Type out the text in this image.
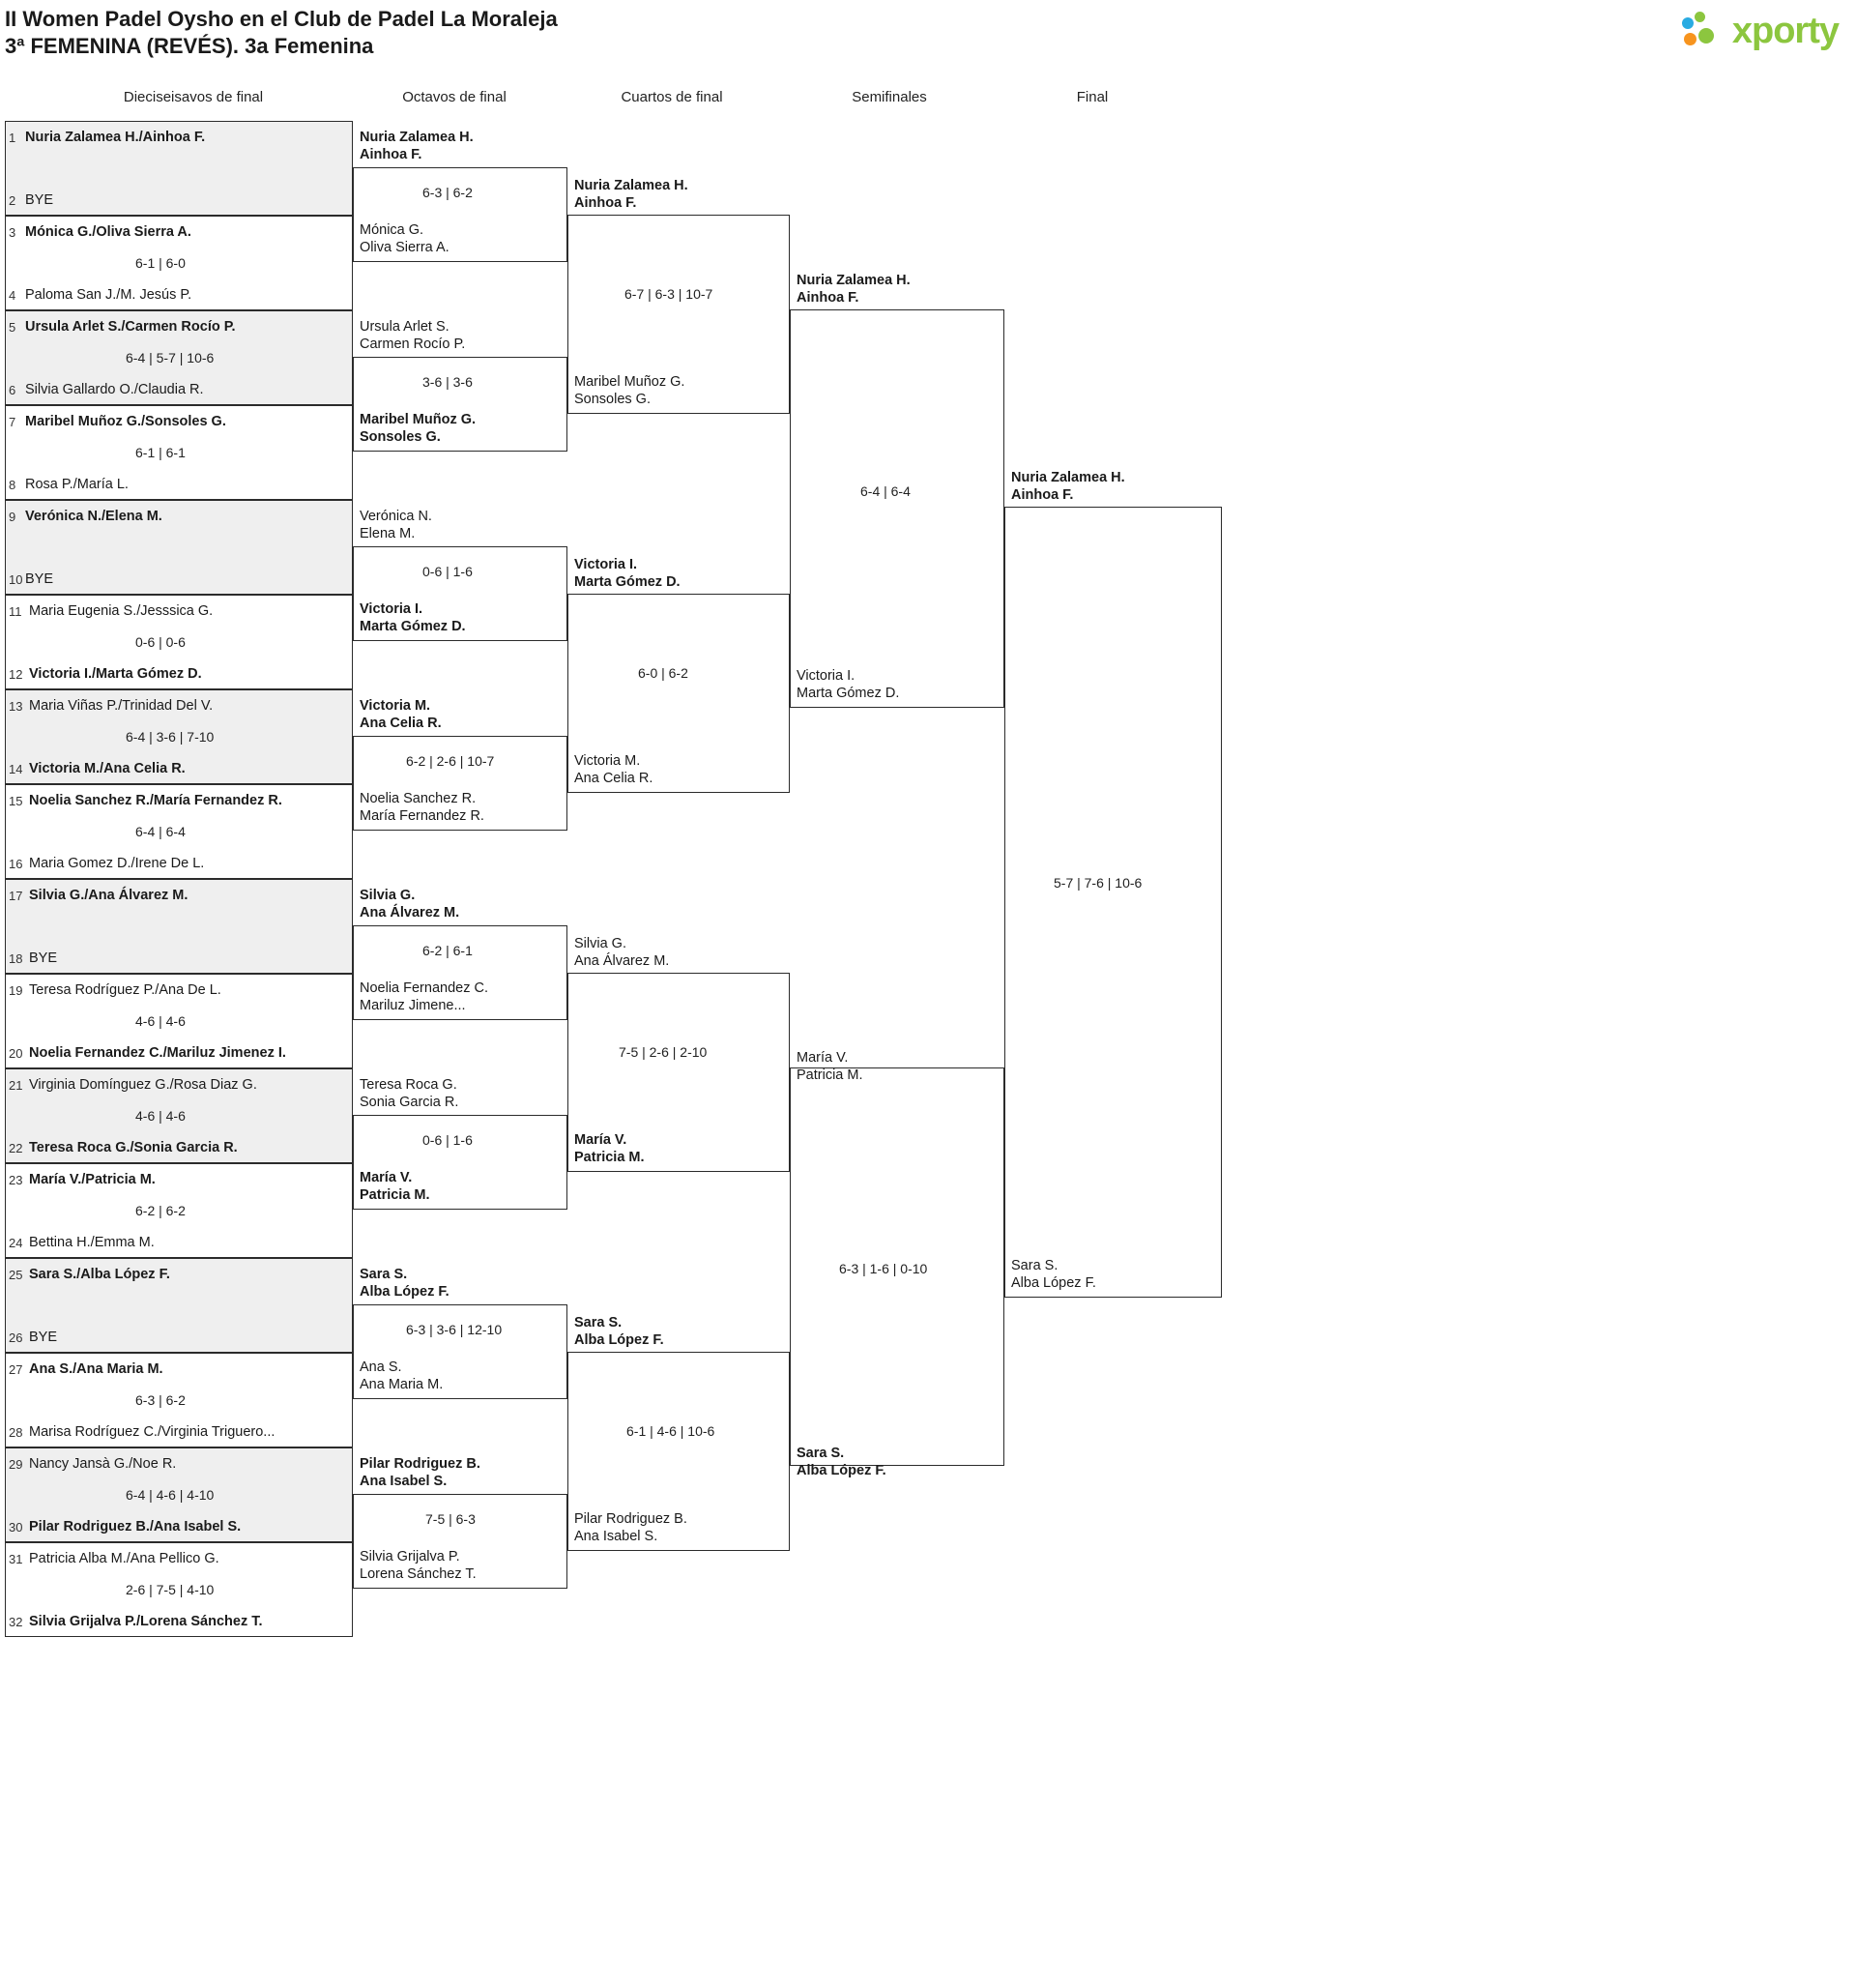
II Women Padel Oysho en el Club de Padel La Moraleja
3ª FEMENINA (REVÉS). 3a Femenina	xporty
Dieciseisavos de final	Octavos de final	Cuartos de final	Semifinales	Final
1 Nuria Zalamea H./Ainhoa F.
2 BYE
3 Mónica G./Oliva Sierra A.
4 Paloma San J./M. Jesús P.
6-1 | 6-0
5 Ursula Arlet S./Carmen Rocío P.
6 Silvia Gallardo O./Claudia R.
6-4 | 5-7 | 10-6
7 Maribel Muñoz G./Sonsoles G.
8 Rosa P./María L.
6-1 | 6-1
9 Verónica N./Elena M.
10 BYE
11 Maria Eugenia S./Jesssica G.
12 Victoria I./Marta Gómez D.
0-6 | 0-6
13 Maria Viñas P./Trinidad Del V.
14 Victoria M./Ana Celia R.
6-4 | 3-6 | 7-10
15 Noelia Sanchez R./María Fernandez R.
16 Maria Gomez D./Irene De L.
6-4 | 6-4
17 Silvia G./Ana Álvarez M.
18 BYE
19 Teresa Rodríguez P./Ana De L.
20 Noelia Fernandez C./Mariluz Jimenez I.
4-6 | 4-6
21 Virginia Domínguez G./Rosa Diaz G.
22 Teresa Roca G./Sonia Garcia R.
4-6 | 4-6
23 María V./Patricia M.
24 Bettina H./Emma M.
6-2 | 6-2
25 Sara S./Alba López F.
26 BYE
27 Ana S./Ana Maria M.
28 Marisa Rodríguez C./Virginia Triguero...
6-3 | 6-2
29 Nancy Jansà G./Noe R.
30 Pilar Rodriguez B./Ana Isabel S.
6-4 | 4-6 | 4-10
31 Patricia Alba M./Ana Pellico G.
32 Silvia Grijalva P./Lorena Sánchez T.
2-6 | 7-5 | 4-10
Nuria Zalamea H.
Ainhoa F.
6-3 | 6-2
Mónica G.
Oliva Sierra A.
Ursula Arlet S.
Carmen Rocío P.
3-6 | 3-6
Maribel Muñoz G.
Sonsoles G.
Verónica N.
Elena M.
0-6 | 1-6
Victoria I.
Marta Gómez D.
Victoria M.
Ana Celia R.
6-2 | 2-6 | 10-7
Noelia Sanchez R.
María Fernandez R.
Silvia G.
Ana Álvarez M.
6-2 | 6-1
Noelia Fernandez C.
Mariluz Jimene...
Teresa Roca G.
Sonia Garcia R.
0-6 | 1-6
María V.
Patricia M.
Sara S.
Alba López F.
6-3 | 3-6 | 12-10
Ana S.
Ana Maria M.
Pilar Rodriguez B.
Ana Isabel S.
7-5 | 6-3
Silvia Grijalva P.
Lorena Sánchez T.
Nuria Zalamea H.
Ainhoa F.
6-7 | 6-3 | 10-7
Maribel Muñoz G.
Sonsoles G.
Victoria I.
Marta Gómez D.
6-0 | 6-2
Victoria M.
Ana Celia R.
Silvia G.
Ana Álvarez M.
7-5 | 2-6 | 2-10
María V.
Patricia M.
Sara S.
Alba López F.
6-1 | 4-6 | 10-6
Pilar Rodriguez B.
Ana Isabel S.
Nuria Zalamea H.
Ainhoa F.
6-4 | 6-4
Victoria I.
Marta Gómez D.
María V.
Patricia M.
6-3 | 1-6 | 0-10
Sara S.
Alba López F.
Nuria Zalamea H.
Ainhoa F.
5-7 | 7-6 | 10-6
Sara S.
Alba López F.
